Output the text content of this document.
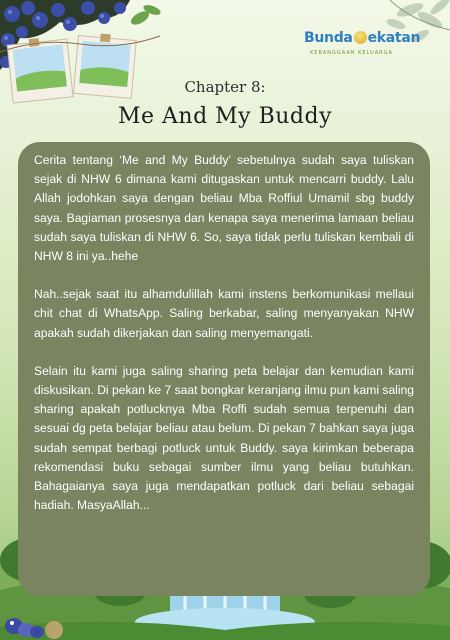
Bunda ekatan
KEBANGGAAN KELUARGA
Chapter 8:
Me And My Buddy

Cerita tentang ‘Me and My Buddy’ sebetulnya sudah saya tuliskan sejak di NHW 6 dimana kami ditugaskan untuk mencarri buddy. Lalu Allah jodohkan saya dengan beliau Mba Roffiul Umamil sbg buddy saya. Bagiaman prosesnya dan kenapa saya menerima lamaan beliau sudah saya tuliskan di NHW 6. So, saya tidak perlu tuliskan kembali di NHW 8 ini ya..hehe

Nah..sejak saat itu alhamdulillah kami instens berkomunikasi mellaui chit chat di WhatsApp. Saling berkabar, saling menyanyakan NHW apakah sudah dikerjakan dan saling menyemangati.

Selain itu kami juga saling sharing peta belajar dan kemudian kami diskusikan. Di pekan ke 7 saat bongkar keranjang ilmu pun kami saling sharing apakah potlucknya Mba Roffi sudah semua terpenuhi dan sesuai dg peta belajar beliau atau belum. Di pekan 7 bahkan saya juga sudah sempat berbagi potluck untuk Buddy. saya kirimkan beberapa rekomendasi buku sebagai sumber ilmu yang beliau butuhkan. Bahagaianya saya juga mendapatkan potluck dari beliau sebagai hadiah. MasyaAllah...
